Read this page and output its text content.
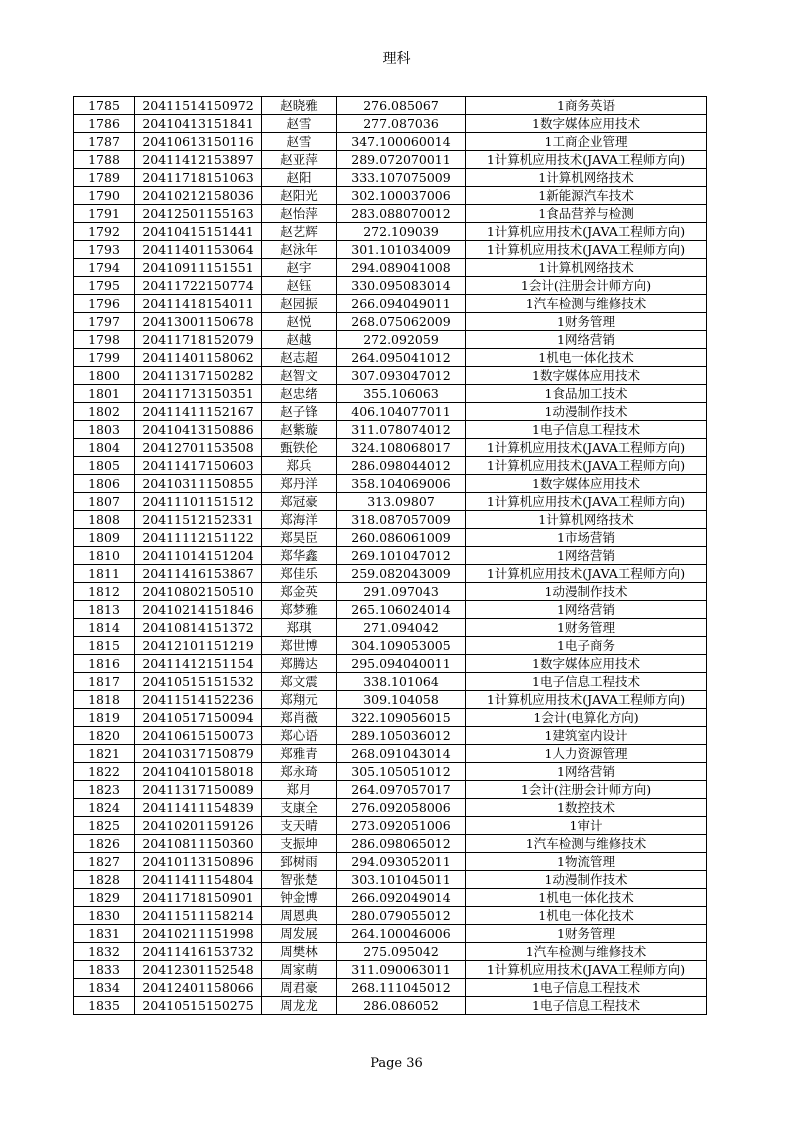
理科
1785	20411514150972	赵晓雅	276.085067	1商务英语
1786	20410413151841	赵雪	277.087036	1数字媒体应用技术
1787	20410613150116	赵雪	347.100060014	1工商企业管理
1788	20411412153897	赵亚萍	289.072070011	1计算机应用技术(JAVA工程师方向)
1789	20411718151063	赵阳	333.107075009	1计算机网络技术
1790	20410212158036	赵阳光	302.100037006	1新能源汽车技术
1791	20412501155163	赵怡萍	283.088070012	1食品营养与检测
1792	20410415151441	赵艺辉	272.109039	1计算机应用技术(JAVA工程师方向)
1793	20411401153064	赵泳年	301.101034009	1计算机应用技术(JAVA工程师方向)
1794	20410911151551	赵宇	294.089041008	1计算机网络技术
1795	20411722150774	赵钰	330.095083014	1会计(注册会计师方向)
1796	20411418154011	赵园振	266.094049011	1汽车检测与维修技术
1797	20413001150678	赵悦	268.075062009	1财务管理
1798	20411718152079	赵越	272.092059	1网络营销
1799	20411401158062	赵志超	264.095041012	1机电一体化技术
1800	20411317150282	赵智文	307.093047012	1数字媒体应用技术
1801	20411713150351	赵忠绪	355.106063	1食品加工技术
1802	20411411152167	赵子锋	406.104077011	1动漫制作技术
1803	20410413150886	赵紫璇	311.078074012	1电子信息工程技术
1804	20412701153508	甄铁伦	324.108068017	1计算机应用技术(JAVA工程师方向)
1805	20411417150603	郑兵	286.098044012	1计算机应用技术(JAVA工程师方向)
1806	20410311150855	郑丹洋	358.104069006	1数字媒体应用技术
1807	20411101151512	郑冠豪	313.09807	1计算机应用技术(JAVA工程师方向)
1808	20411512152331	郑海洋	318.087057009	1计算机网络技术
1809	20411112151122	郑昊臣	260.086061009	1市场营销
1810	20411014151204	郑华鑫	269.101047012	1网络营销
1811	20411416153867	郑佳乐	259.082043009	1计算机应用技术(JAVA工程师方向)
1812	20410802150510	郑金英	291.097043	1动漫制作技术
1813	20410214151846	郑梦雅	265.106024014	1网络营销
1814	20410814151372	郑琪	271.094042	1财务管理
1815	20412101151219	郑世博	304.109053005	1电子商务
1816	20411412151154	郑腾达	295.094040011	1数字媒体应用技术
1817	20410515151532	郑文震	338.101064	1电子信息工程技术
1818	20411514152236	郑翔元	309.104058	1计算机应用技术(JAVA工程师方向)
1819	20410517150094	郑肖薇	322.109056015	1会计(电算化方向)
1820	20410615150073	郑心语	289.105036012	1建筑室内设计
1821	20410317150879	郑雅青	268.091043014	1人力资源管理
1822	20410410158018	郑永琦	305.105051012	1网络营销
1823	20411317150089	郑月	264.097057017	1会计(注册会计师方向)
1824	20411411154839	支康全	276.092058006	1数控技术
1825	20410201159126	支天晴	273.092051006	1审计
1826	20410811150360	支振坤	286.098065012	1汽车检测与维修技术
1827	20410113150896	郅树雨	294.093052011	1物流管理
1828	20411411154804	智张楚	303.101045011	1动漫制作技术
1829	20411718150901	钟金博	266.092049014	1机电一体化技术
1830	20411511158214	周恩典	280.079055012	1机电一体化技术
1831	20410211151998	周发展	264.100046006	1财务管理
1832	20411416153732	周樊林	275.095042	1汽车检测与维修技术
1833	20412301152548	周家萌	311.090063011	1计算机应用技术(JAVA工程师方向)
1834	20412401158066	周君豪	268.111045012	1电子信息工程技术
1835	20410515150275	周龙龙	286.086052	1电子信息工程技术
Page 36
